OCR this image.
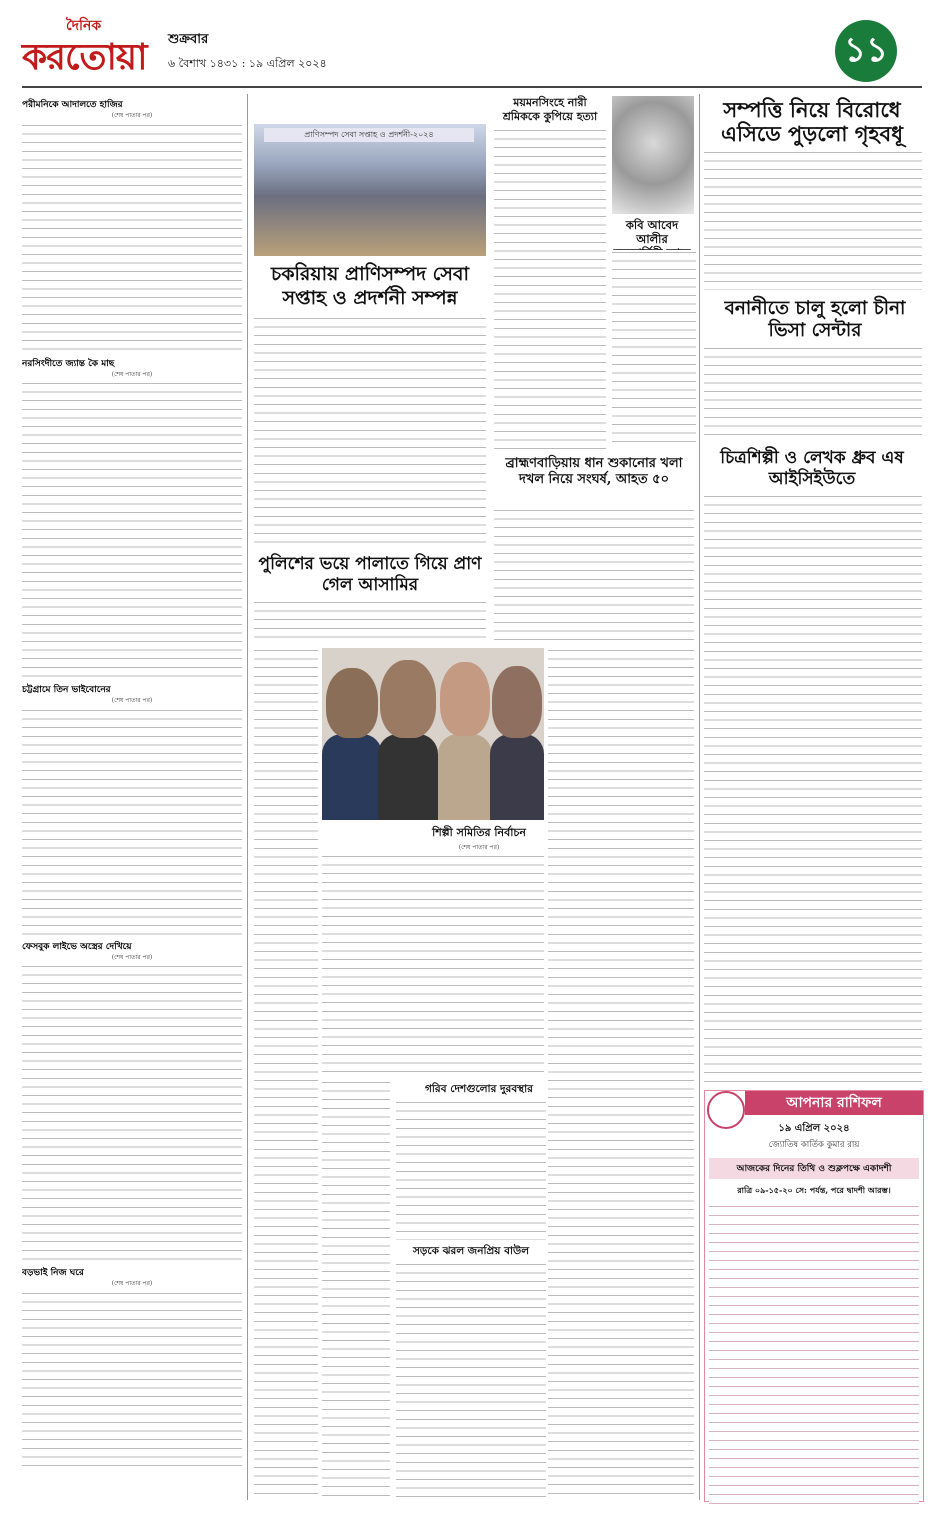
দৈনিক
করতোয়া	শুক্রবার
৬ বৈশাখ ১৪৩১ : ১৯ এপ্রিল ২০২৪	১১
পরীমনিকে আদালতে হাজির
(শেষ পাতার পর)
নরসিংদীতে জ্যান্ত কৈ মাছ
(শেষ পাতার পর)
চট্টগ্রামে তিন ভাইবোনের
(শেষ পাতার পর)
ফেসবুক লাইভে অস্ত্রের দেখিয়ে
(শেষ পাতার পর)
বড়ভাই নিজ ঘরে
(শেষ পাতার পর)
প্রাণিসম্পদ সেবা সপ্তাহ ও প্রদর্শনী-২০২৪
চকরিয়ায় প্রাণিসম্পদ সেবা সপ্তাহ ও প্রদর্শনী সম্পন্ন
পুলিশের ভয়ে পালাতে গিয়ে প্রাণ গেল আসামির
শিল্পী সমিতির নির্বাচন
(শেষ পাতার পর)
গরিব দেশগুলোর দুরবস্থার
সড়কে ঝরল জনপ্রিয় বাউল
ময়মনসিংহে নারী শ্রমিককে কুপিয়ে হত্যা
কবি আবেদ আলীর
ব্রাহ্মণবাড়িয়ায় ধান শুকানোর খলা দখল নিয়ে সংঘর্ষ, আহত ৫০
সম্পত্তি নিয়ে বিরোধে এসিডে পুড়লো গৃহবধূ
বনানীতে চালু হলো চীনা ভিসা সেন্টার
চিত্রশিল্পী ও লেখক ধ্রুব এষ আইসিইউতে
আপনার রাশিফল
১৯ এপ্রিল ২০২৪
জ্যোতিষ কার্তিক কুমার রায়
আজকের দিনের তিথি ও শুক্লপক্ষে একাদশী
রাত্রি ০৯-১৫-২০ সে: পর্যন্ত, পরে দ্বাদশী আরম্ভ।
